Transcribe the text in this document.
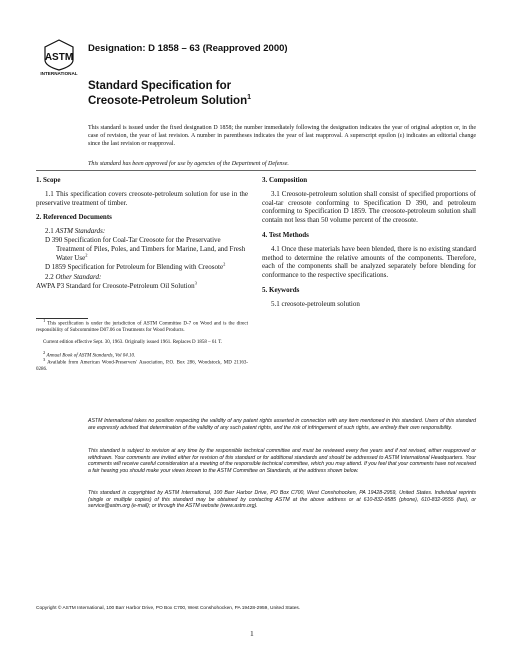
ASTM
INTERNATIONAL
Designation: D 1858 – 63 (Reapproved 2000)
Standard Specification for
Creosote-Petroleum Solution$^1$
This standard is issued under the fixed designation D 1858; the number immediately following the designation indicates the year of original adoption or, in the case of revision, the year of last revision. A number in parentheses indicates the year of last reapproval. A superscript epsilon (ε) indicates an editorial change since the last revision or reapproval.
This standard has been approved for use by agencies of the Department of Defense.
1. Scope
1.1 This specification covers creosote-petroleum solution for use in the preservative treatment of timber.
2. Referenced Documents
2.1 ASTM Standards:
D 390 Specification for Coal-Tar Creosote for the Preservative Treatment of Piles, Poles, and Timbers for Marine, Land, and Fresh Water Use$^2$
D 1859 Specification for Petroleum for Blending with Creosote$^2$
2.2 Other Standard:
AWPA P3 Standard for Creosote-Petroleum Oil Solution$^3$
$^1$ This specification is under the jurisdiction of ASTM Committee D-7 on Wood and is the direct responsibility of Subcommittee D07.06 on Treatments for Wood Products.
Current edition effective Sept. 30, 1963. Originally issued 1961. Replaces D 1858 – 61 T.
$^2$ Annual Book of ASTM Standards, Vol 04.10.
$^3$ Available from American Wood-Preservers' Association, P.O. Box 286, Woodstock, MD 21163-0286.
3. Composition
3.1 Creosote-petroleum solution shall consist of specified proportions of coal-tar creosote conforming to Specification D 390, and petroleum conforming to Specification D 1859. The creosote-petroleum solution shall contain not less than 50 volume percent of the creosote.
4. Test Methods
4.1 Once these materials have been blended, there is no existing standard method to determine the relative amounts of the components. Therefore, each of the components shall be analyzed separately before blending for conformance to the respective specifications.
5. Keywords
5.1 creosote-petroleum solution
ASTM International takes no position respecting the validity of any patent rights asserted in connection with any item mentioned in this standard. Users of this standard are expressly advised that determination of the validity of any such patent rights, and the risk of infringement of such rights, are entirely their own responsibility.
This standard is subject to revision at any time by the responsible technical committee and must be reviewed every five years and if not revised, either reapproved or withdrawn. Your comments are invited either for revision of this standard or for additional standards and should be addressed to ASTM International Headquarters. Your comments will receive careful consideration at a meeting of the responsible technical committee, which you may attend. If you feel that your comments have not received a fair hearing you should make your views known to the ASTM Committee on Standards, at the address shown below.
This standard is copyrighted by ASTM International, 100 Barr Harbor Drive, PO Box C700, West Conshohocken, PA 19428-2959, United States. Individual reprints (single or multiple copies) of this standard may be obtained by contacting ASTM at the above address or at 610-832-9585 (phone), 610-832-9555 (fax), or service@astm.org (e-mail); or through the ASTM website (www.astm.org).
Copyright © ASTM International, 100 Barr Harbor Drive, PO Box C700, West Conshohocken, PA 19428-2959, United States.
1
